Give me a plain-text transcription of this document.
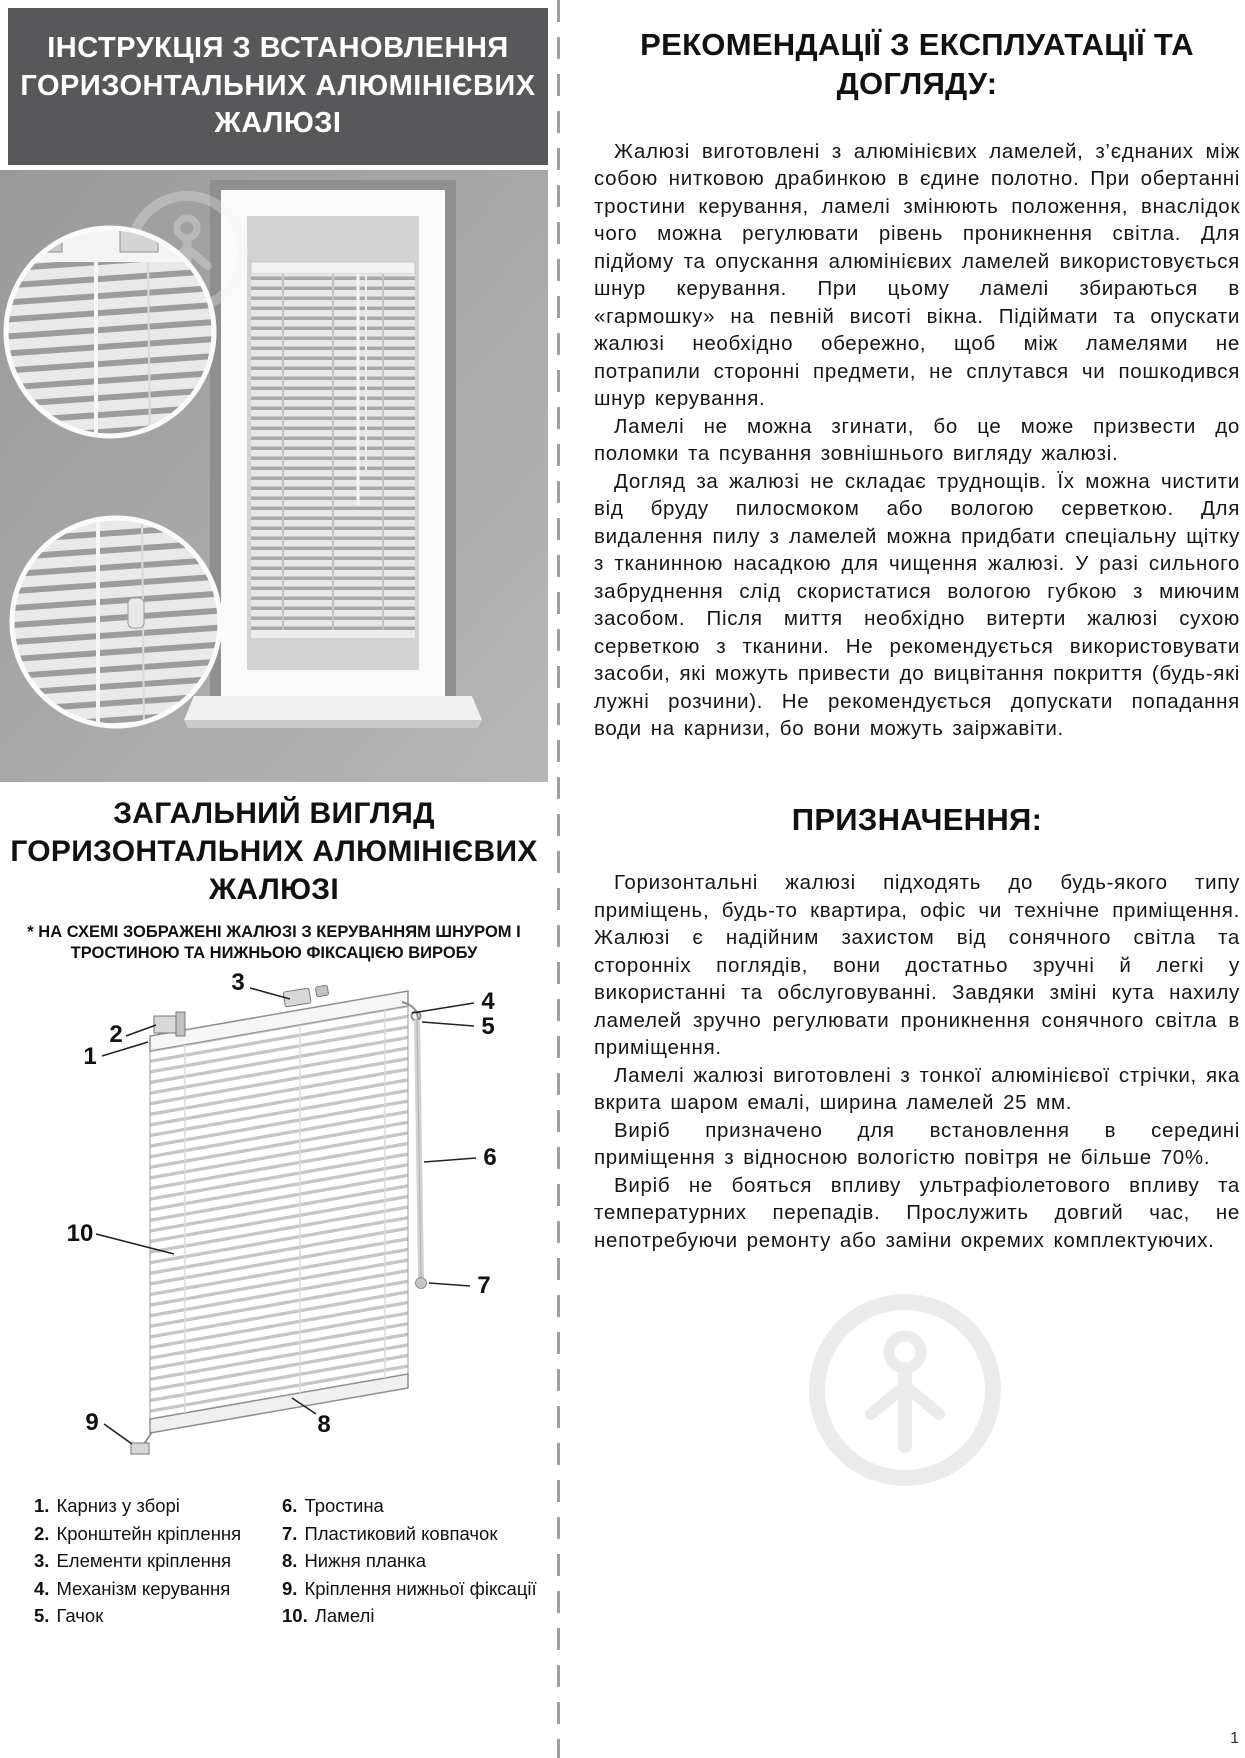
ІНСТРУКЦІЯ З ВСТАНОВЛЕННЯ ГОРИЗОНТАЛЬНИХ АЛЮМІНІЄВИХ ЖАЛЮЗІ
ЗАГАЛЬНИЙ ВИГЛЯД ГОРИЗОНТАЛЬНИХ АЛЮМІНІЄВИХ ЖАЛЮЗІ

* НА СХЕМІ ЗОБРАЖЕНІ ЖАЛЮЗІ З КЕРУВАННЯМ ШНУРОМ І ТРОСТИНОЮ ТА НИЖНЬОЮ ФІКСАЦІЄЮ ВИРОБУ

1
2
3
4
5
6
7
8
9
10
1. Карниз у зборі
2. Кронштейн кріплення
3. Елементи кріплення
4. Механізм керування
5. Гачок
6. Тростина
7. Пластиковий ковпачок
8. Нижня планка
9. Кріплення нижньої фіксації
10. Ламелі
РЕКОМЕНДАЦІЇ З ЕКСПЛУАТАЦІЇ ТА ДОГЛЯДУ:

Жалюзі виготовлені з алюмінієвих ламелей, з’єднаних між собою нитковою драбинкою в єдине полотно. При обертанні тростини керування, ламелі змінюють положення, внаслідок чого можна регулювати рівень проникнення світла. Для підйому та опускання алюмінієвих ламелей використовується шнур керування. При цьому ламелі збираються в «гармошку» на певній висоті вікна. Підіймати та опускати жалюзі необхідно обережно, щоб між ламелями не потрапили сторонні предмети, не сплутався чи пошкодився шнур керування.

Ламелі не можна згинати, бо це може призвести до поломки та псування зовнішнього вигляду жалюзі.

Догляд за жалюзі не складає труднощів. Їх можна чистити від бруду пилосмоком або вологою серветкою. Для видалення пилу з ламелей можна придбати спеціальну щітку з тканинною насадкою для чищення жалюзі. У разі сильного забруднення слід скористатися вологою губкою з миючим засобом. Після миття необхідно витерти жалюзі сухою серветкою з тканини. Не рекомендується використовувати засоби, які можуть привести до вицвітання покриття (будь-які лужні розчини). Не рекомендується допускати попадання води на карнизи, бо вони можуть заіржавіти.

ПРИЗНАЧЕННЯ:

Горизонтальні жалюзі підходять до будь-якого типу приміщень, будь-то квартира, офіс чи технічне приміщення. Жалюзі є надійним захистом від сонячного світла та сторонніх поглядів, вони достатньо зручні й легкі у використанні та обслуговуванні. Завдяки зміні кута нахилу ламелей зручно регулювати проникнення сонячного світла в приміщення.

Ламелі жалюзі виготовлені з тонкої алюмінієвої стрічки, яка вкрита шаром емалі, ширина ламелей 25 мм.

Виріб призначено для встановлення в середині приміщення з відносною вологістю повітря не більше 70%.

Виріб не бояться впливу ультрафіолетового впливу та температурних перепадів. Прослужить довгий час, не непотребуючи ремонту або заміни окремих комплектуючих.

1
